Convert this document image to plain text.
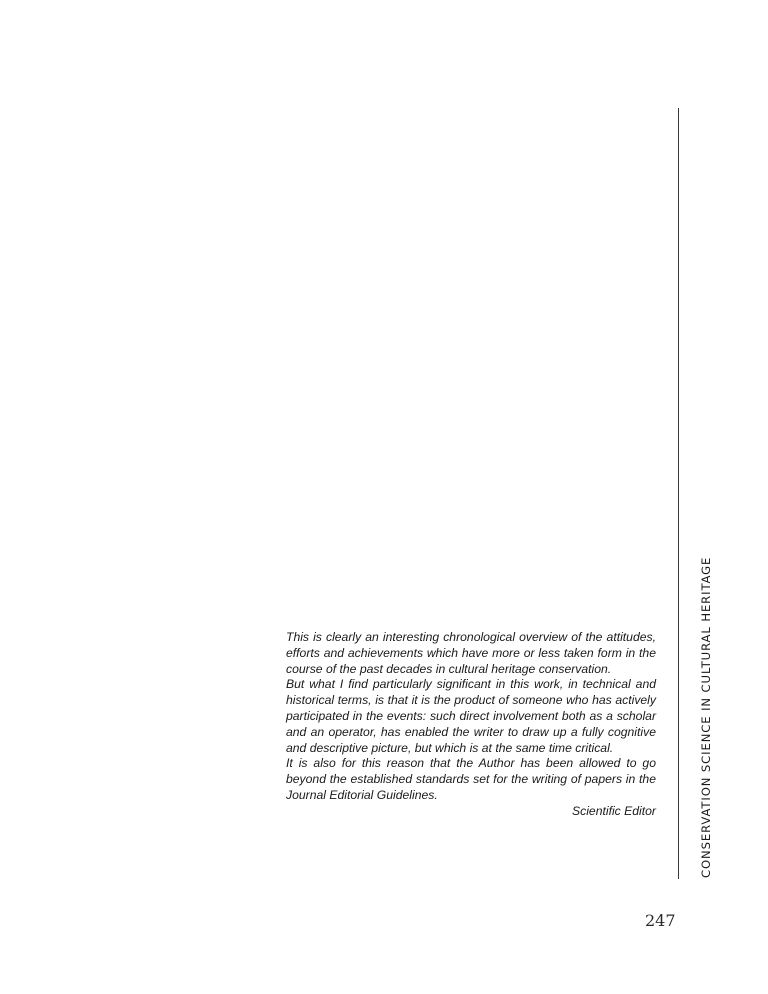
This is clearly an interesting chronological overview of the attitudes, efforts and achievements which have more or less taken form in the course of the past decades in cultural heritage conservation.

But what I find particularly significant in this work, in technical and historical terms, is that it is the product of someone who has actively participated in the events: such direct involvement both as a scholar and an operator, has enabled the writer to draw up a fully cognitive and descriptive picture, but which is at the same time critical.

It is also for this reason that the Author has been allowed to go beyond the established standards set for the writing of papers in the Journal Editorial Guidelines.

Scientific Editor	CONSERVATION SCIENCE IN CULTURAL HERITAGE
247
